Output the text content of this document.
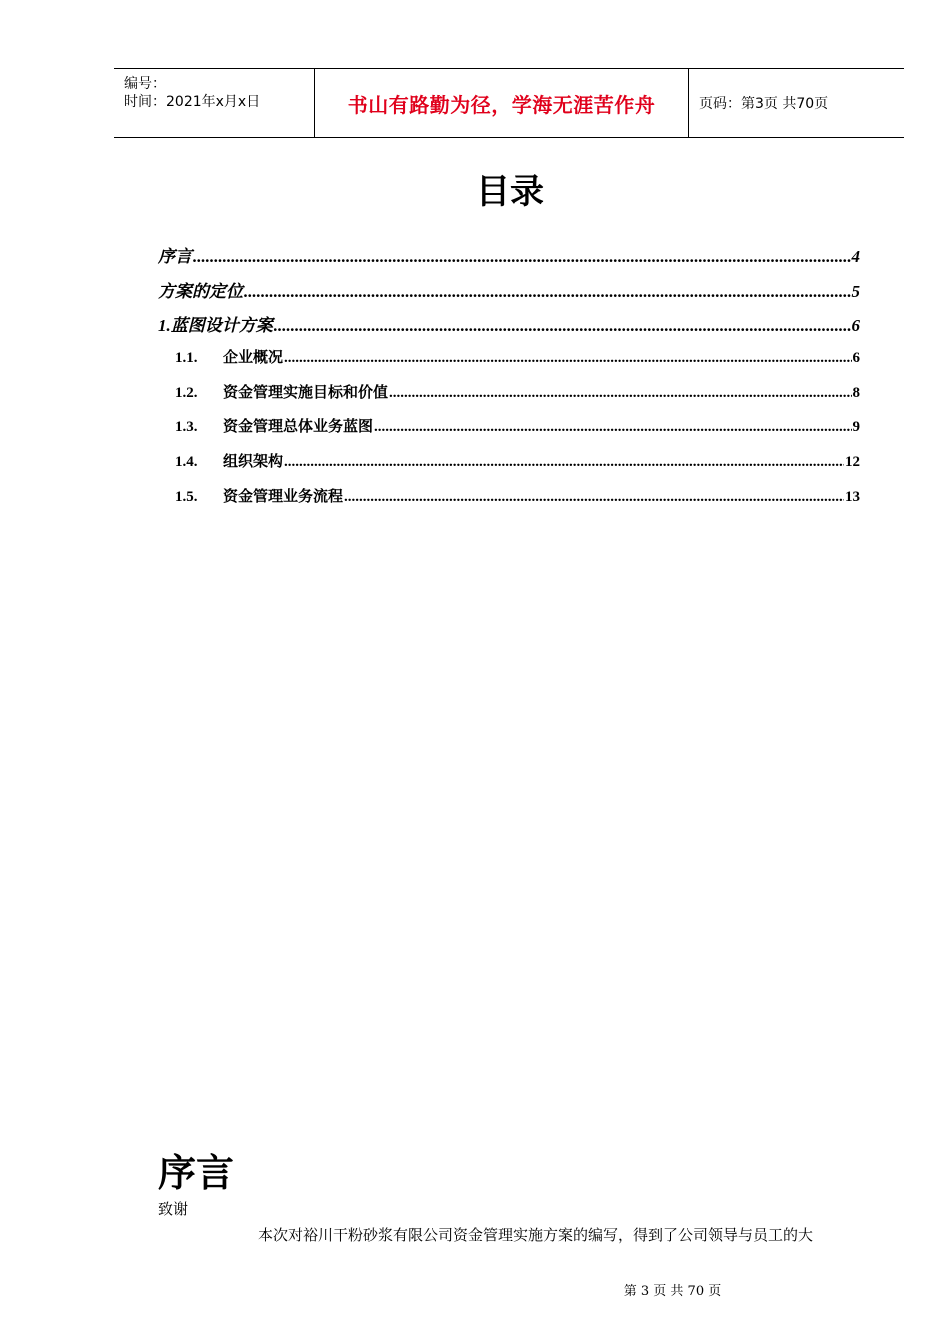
编号：
时间：2021年x月x日	书山有路勤为径，学海无涯苦作舟	页码：第3页 共70页
目录
序言 .....	4
方案的定位 .....	5
1.蓝图设计方案 .....	6
1.1.	企业概况 .....	6
1.2.	资金管理实施目标和价值 .....	8
1.3.	资金管理总体业务蓝图 .....	9
1.4.	组织架构 .....	12
1.5.	资金管理业务流程 .....	13
序言
致谢
本次对裕川干粉砂浆有限公司资金管理实施方案的编写，得到了公司领导与员工的大
第 3 页 共 70 页
